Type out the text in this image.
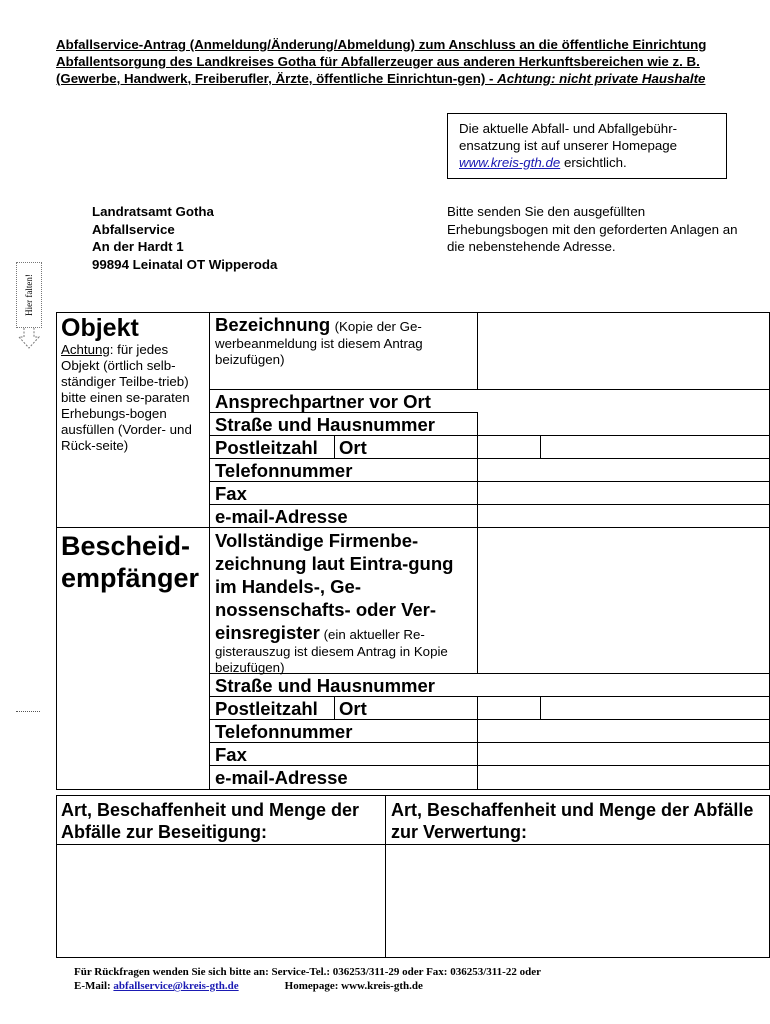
Abfallservice-Antrag (Anmeldung/Änderung/Abmeldung) zum Anschluss an die öffentliche Einrichtung Abfallentsorgung des Landkreises Gotha für Abfallerzeuger aus anderen Herkunftsbereichen wie z. B. (Gewerbe, Handwerk, Freiberufler, Ärzte, öffentliche Einrichtun-gen) - Achtung: nicht private Haushalte
Die aktuelle Abfall- und Abfallgebühr-ensatzung ist auf unserer Homepage
www.kreis-gth.de ersichtlich.
Landratsamt Gotha
Abfallservice
An der Hardt 1
99894 Leinatal OT Wipperoda
Bitte senden Sie den ausgefüllten Erhebungsbogen mit den geforderten Anlagen an die nebenstehende Adresse.
Hier falten!
Objekt
Achtung: für jedes Objekt (örtlich selb-ständiger Teilbe-trieb) bitte einen se-paraten Erhebungs-bogen ausfüllen (Vorder- und Rück-seite)
Bezeichnung (Kopie der Ge-
werbeanmeldung ist diesem Antrag beizufügen)
Ansprechpartner vor Ort
Straße und Hausnummer
Postleitzahl Ort
Telefonnummer
Fax
e-mail-Adresse
Bescheid-
empfänger
Vollständige Firmenbe-zeichnung laut Eintra-gung im Handels-, Ge-nossenschafts- oder Ver-einsregister (ein aktueller Re-
gisterauszug ist diesem Antrag in Kopie beizufügen)
Straße und Hausnummer
Postleitzahl Ort
Telefonnummer
Fax
e-mail-Adresse
Art, Beschaffenheit und Menge der Abfälle zur Beseitigung:
Art, Beschaffenheit und Menge der Abfälle zur Verwertung:
Für Rückfragen wenden Sie sich bitte an: Service-Tel.: 036253/311-29 oder Fax: 036253/311-22 oder
E-Mail: abfallservice@kreis-gth.de	Homepage: www.kreis-gth.de
